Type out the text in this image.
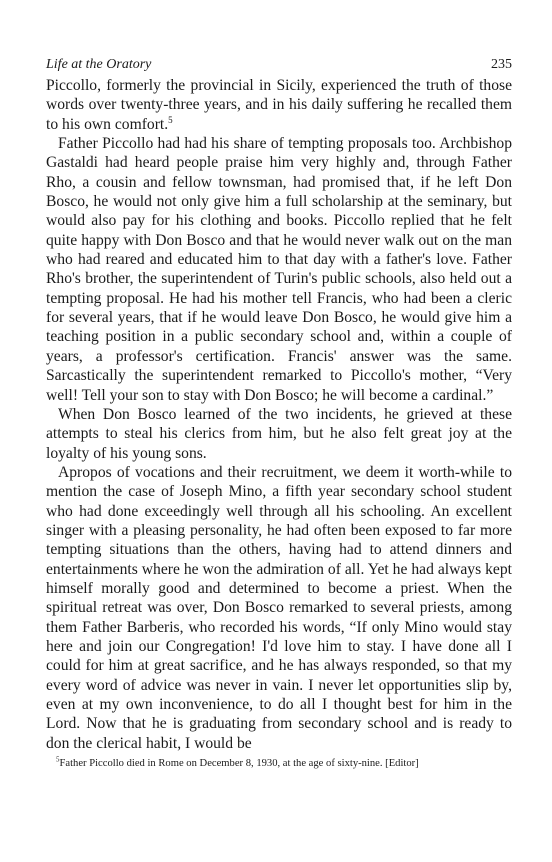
Life at the Oratory	235

Piccollo, formerly the provincial in Sicily, experienced the truth of those words over twenty-three years, and in his daily suffering he recalled them to his own comfort.$^5$

Father Piccollo had had his share of tempting proposals too. Archbishop Gastaldi had heard people praise him very highly and, through Father Rho, a cousin and fellow townsman, had promised that, if he left Don Bosco, he would not only give him a full scholarship at the seminary, but would also pay for his clothing and books. Piccollo replied that he felt quite happy with Don Bosco and that he would never walk out on the man who had reared and educated him to that day with a father's love. Father Rho's brother, the superintendent of Turin's public schools, also held out a tempting proposal. He had his mother tell Francis, who had been a cleric for several years, that if he would leave Don Bosco, he would give him a teaching position in a public secondary school and, within a couple of years, a professor's certification. Francis' answer was the same. Sarcastically the superintendent remarked to Piccollo's mother, “Very well! Tell your son to stay with Don Bosco; he will become a cardinal.”

When Don Bosco learned of the two incidents, he grieved at these attempts to steal his clerics from him, but he also felt great joy at the loyalty of his young sons.

Apropos of vocations and their recruitment, we deem it worth-while to mention the case of Joseph Mino, a fifth year secondary school student who had done exceedingly well through all his schooling. An excellent singer with a pleasing personality, he had often been exposed to far more tempting situations than the others, having had to attend dinners and entertainments where he won the admiration of all. Yet he had always kept himself morally good and determined to become a priest. When the spiritual retreat was over, Don Bosco remarked to several priests, among them Father Barberis, who recorded his words, “If only Mino would stay here and join our Congregation! I'd love him to stay. I have done all I could for him at great sacrifice, and he has always responded, so that my every word of advice was never in vain. I never let opportunities slip by, even at my own inconvenience, to do all I thought best for him in the Lord. Now that he is graduating from secondary school and is ready to don the clerical habit, I would be

$^5$Father Piccollo died in Rome on December 8, 1930, at the age of sixty-nine. [Editor]
